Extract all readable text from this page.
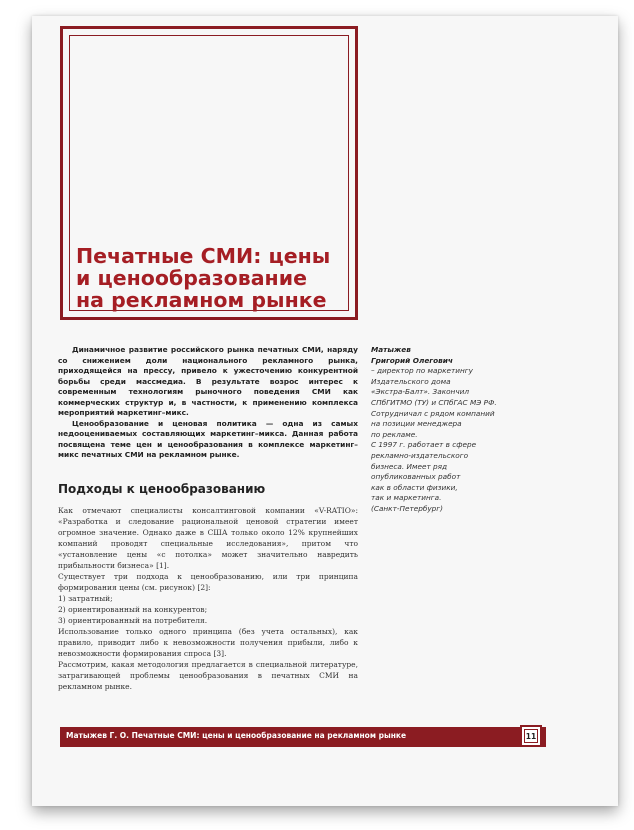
Печатные СМИ: цены
и ценообразование
на рекламном рынке

Динамичное развитие российского рынка печатных СМИ, наряду со снижением доли национального рекламного рынка, приходящейся на прессу, привело к ужесточению конкурентной борьбы среди массмедиа. В результате возрос интерес к современным технологиям рыночного поведения СМИ как коммерческих структур и, в частности, к применению комплекса мероприятий маркетинг–микс.

Ценообразование и ценовая политика — одна из самых недооцениваемых составляющих маркетинг–микса. Данная работа посвящена теме цен и ценообразования в комплексе маркетинг–микс печатных СМИ на рекламном рынке.

Подходы к ценообразованию

Как отмечают специалисты консалтинговой компании «V-RATIO»: «Разработка и следование рациональной ценовой стратегии имеет огромное значение. Однако даже в США только около 12% крупнейших компаний проводят специальные исследования», притом что «установление цены «с потолка» может значительно навредить прибыльности бизнеса» [1].

Существует три подхода к ценообразованию, или три принципа формирования цены (см. рисунок) [2]:

1) затратный;

2) ориентированный на конкурентов;

3) ориентированный на потребителя.

Использование только одного принципа (без учета остальных), как правило, приводит либо к невозможности получения прибыли, либо к невозможности формирования спроса [3].

Рассмотрим, какая методология предлагается в специальной литературе, затрагивающей проблемы ценообразования в печатных СМИ на рекламном рынке.

Матыжев
Григорий Олегович
– директор по маркетингу
Издательского дома
«Экстра-Балт». Закончил
СПбГИТМО (ТУ) и СПбГАС МЭ РФ.
Сотрудничал с рядом компаний
на позиции менеджера
по рекламе.
С 1997 г. работает в сфере
рекламно-издательского
бизнеса. Имеет ряд
опубликованных работ
как в области физики,
так и маркетинга.
(Санкт-Петербург)
Матыжев Г. О. Печатные СМИ: цены и ценообразование на рекламном рынке	11
